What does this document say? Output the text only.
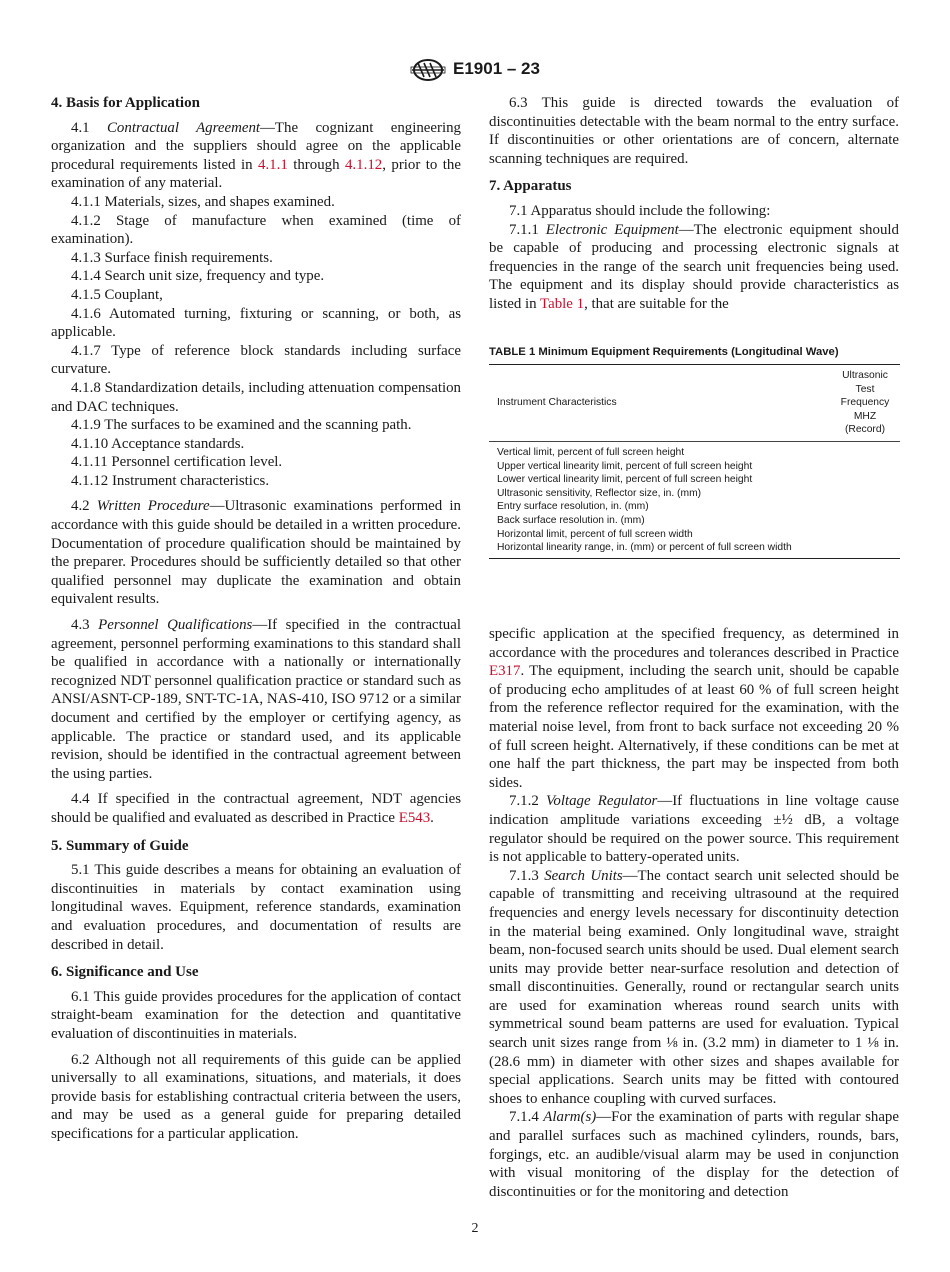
E1901 – 23
4. Basis for Application

4.1 Contractual Agreement—The cognizant engineering organization and the suppliers should agree on the applicable procedural requirements listed in 4.1.1 through 4.1.12, prior to the examination of any material.

4.1.1 Materials, sizes, and shapes examined.

4.1.2 Stage of manufacture when examined (time of examination).

4.1.3 Surface finish requirements.

4.1.4 Search unit size, frequency and type.

4.1.5 Couplant,

4.1.6 Automated turning, fixturing or scanning, or both, as applicable.

4.1.7 Type of reference block standards including surface curvature.

4.1.8 Standardization details, including attenuation compensation and DAC techniques.

4.1.9 The surfaces to be examined and the scanning path.

4.1.10 Acceptance standards.

4.1.11 Personnel certification level.

4.1.12 Instrument characteristics.

4.2 Written Procedure—Ultrasonic examinations performed in accordance with this guide should be detailed in a written procedure. Documentation of procedure qualification should be maintained by the preparer. Procedures should be sufficiently detailed so that other qualified personnel may duplicate the examination and obtain equivalent results.

4.3 Personnel Qualifications—If specified in the contractual agreement, personnel performing examinations to this standard shall be qualified in accordance with a nationally or internationally recognized NDT personnel qualification practice or standard such as ANSI/ASNT-CP-189, SNT-TC-1A, NAS-410, ISO 9712 or a similar document and certified by the employer or certifying agency, as applicable. The practice or standard used, and its applicable revision, should be identified in the contractual agreement between the using parties.

4.4 If specified in the contractual agreement, NDT agencies should be qualified and evaluated as described in Practice E543.

5. Summary of Guide

5.1 This guide describes a means for obtaining an evaluation of discontinuities in materials by contact examination using longitudinal waves. Equipment, reference standards, examination and evaluation procedures, and documentation of results are described in detail.

6. Significance and Use

6.1 This guide provides procedures for the application of contact straight-beam examination for the detection and quantitative evaluation of discontinuities in materials.

6.2 Although not all requirements of this guide can be applied universally to all examinations, situations, and materials, it does provide basis for establishing contractual criteria between the users, and may be used as a general guide for preparing detailed specifications for a particular application.

6.3 This guide is directed towards the evaluation of discontinuities detectable with the beam normal to the entry surface. If discontinuities or other orientations are of concern, alternate scanning techniques are required.

7. Apparatus

7.1 Apparatus should include the following:

7.1.1 Electronic Equipment—The electronic equipment should be capable of producing and processing electronic signals at frequencies in the range of the search unit frequencies being used. The equipment and its display should provide characteristics as listed in Table 1, that are suitable for the

TABLE 1 Minimum Equipment Requirements (Longitudinal Wave)
Instrument Characteristics	Ultrasonic
Test
Frequency
MHZ
(Record)
Vertical limit, percent of full screen height	
Upper vertical linearity limit, percent of full screen height	
Lower vertical linearity limit, percent of full screen height	
Ultrasonic sensitivity, Reflector size, in. (mm)	
Entry surface resolution, in. (mm)	
Back surface resolution in. (mm)	
Horizontal limit, percent of full screen width	
Horizontal linearity range, in. (mm) or percent of full screen width	

specific application at the specified frequency, as determined in accordance with the procedures and tolerances described in Practice E317. The equipment, including the search unit, should be capable of producing echo amplitudes of at least 60 % of full screen height from the reference reflector required for the examination, with the material noise level, from front to back surface not exceeding 20 % of full screen height. Alternatively, if these conditions can be met at one half the part thickness, the part may be inspected from both sides.

7.1.2 Voltage Regulator—If fluctuations in line voltage cause indication amplitude variations exceeding ±½ dB, a voltage regulator should be required on the power source. This requirement is not applicable to battery-operated units.

7.1.3 Search Units—The contact search unit selected should be capable of transmitting and receiving ultrasound at the required frequencies and energy levels necessary for discontinuity detection in the material being examined. Only longitudinal wave, straight beam, non-focused search units should be used. Dual element search units may provide better near-surface resolution and detection of small discontinuities. Generally, round or rectangular search units are used for examination whereas round search units with symmetrical sound beam patterns are used for evaluation. Typical search unit sizes range from ⅛ in. (3.2 mm) in diameter to 1 ⅛ in. (28.6 mm) in diameter with other sizes and shapes available for special applications. Search units may be fitted with contoured shoes to enhance coupling with curved surfaces.

7.1.4 Alarm(s)—For the examination of parts with regular shape and parallel surfaces such as machined cylinders, rounds, bars, forgings, etc. an audible/visual alarm may be used in conjunction with visual monitoring of the display for the detection of discontinuities or for the monitoring and detection

2
